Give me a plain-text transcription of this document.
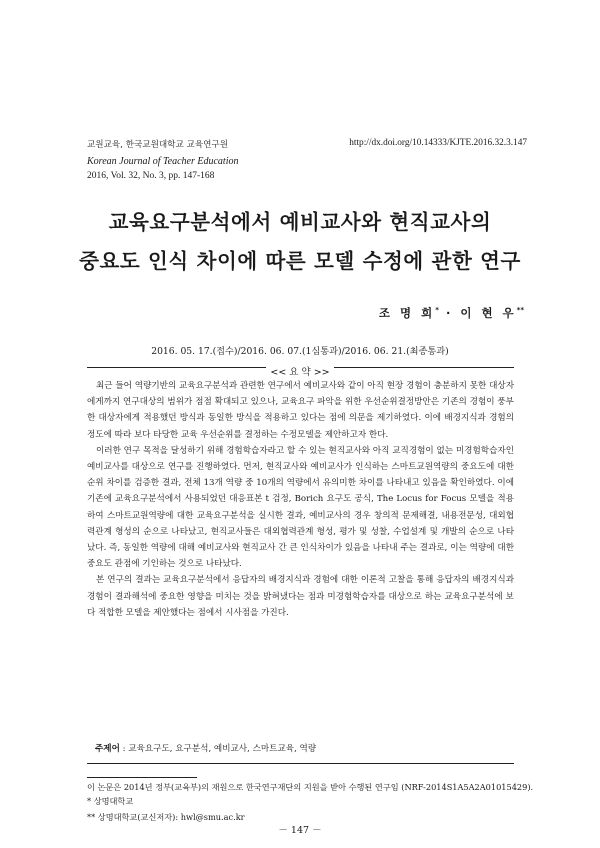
교원교육, 한국교원대학교 교육연구원
Korean Journal of Teacher Education
2016, Vol. 32, No. 3, pp. 147-168
http://dx.doi.org/10.14333/KJTE.2016.32.3.147
교육요구분석에서 예비교사와 현직교사의
중요도 인식 차이에 따른 모델 수정에 관한 연구
조 명 희* · 이 현 우**
2016. 05. 17.(접수)/2016. 06. 07.(1심통과)/2016. 06. 21.(최종통과)
<< 요 약 >>

최근 들어 역량기반의 교육요구분석과 관련한 연구에서 예비교사와 같이 아직 현장 경험이 충분하지 못한 대상자에게까지 연구대상의 범위가 점점 확대되고 있으나, 교육요구 파악을 위한 우선순위결정방안은 기존의 경험이 풍부한 대상자에게 적용했던 방식과 동일한 방식을 적용하고 있다는 점에 의문을 제기하였다. 이에 배경지식과 경험의 정도에 따라 보다 타당한 교육 우선순위를 결정하는 수정모델을 제안하고자 한다.

이러한 연구 목적을 달성하기 위해 경험학습자라고 할 수 있는 현직교사와 아직 교직경험이 없는 미경험학습자인 예비교사를 대상으로 연구를 진행하였다. 먼저, 현직교사와 예비교사가 인식하는 스마트교원역량의 중요도에 대한 순위 차이를 검증한 결과, 전체 13개 역량 중 10개의 역량에서 유의미한 차이를 나타내고 있음을 확인하였다. 이에 기존에 교육요구분석에서 사용되었던 대응표본 t 검정, Borich 요구도 공식, The Locus for Focus 모델을 적용하여 스마트교원역량에 대한 교육요구분석을 실시한 결과, 예비교사의 경우 창의적 문제해결, 내용전문성, 대외협력관계 형성의 순으로 나타났고, 현직교사들은 대외협력관계 형성, 평가 및 성찰, 수업설계 및 개발의 순으로 나타났다. 즉, 동일한 역량에 대해 예비교사와 현직교사 간 큰 인식차이가 있음을 나타내 주는 결과로, 이는 역량에 대한 중요도 관점에 기인하는 것으로 나타났다.

본 연구의 결과는 교육요구분석에서 응답자의 배경지식과 경험에 대한 이론적 고찰을 통해 응답자의 배경지식과 경험이 결과해석에 중요한 영향을 미치는 것을 밝혀냈다는 점과 미경험학습자를 대상으로 하는 교육요구분석에 보다 적합한 모델을 제안했다는 점에서 시사점을 가진다.

주제어 : 교육요구도, 요구분석, 예비교사, 스마트교육, 역량
이 논문은 2014년 정부(교육부)의 재원으로 한국연구재단의 지원을 받아 수행된 연구임 (NRF-2014S1A5A2A01015429).
* 상명대학교
** 상명대학교(교신저자): hwl@smu.ac.kr
－ 147 －
